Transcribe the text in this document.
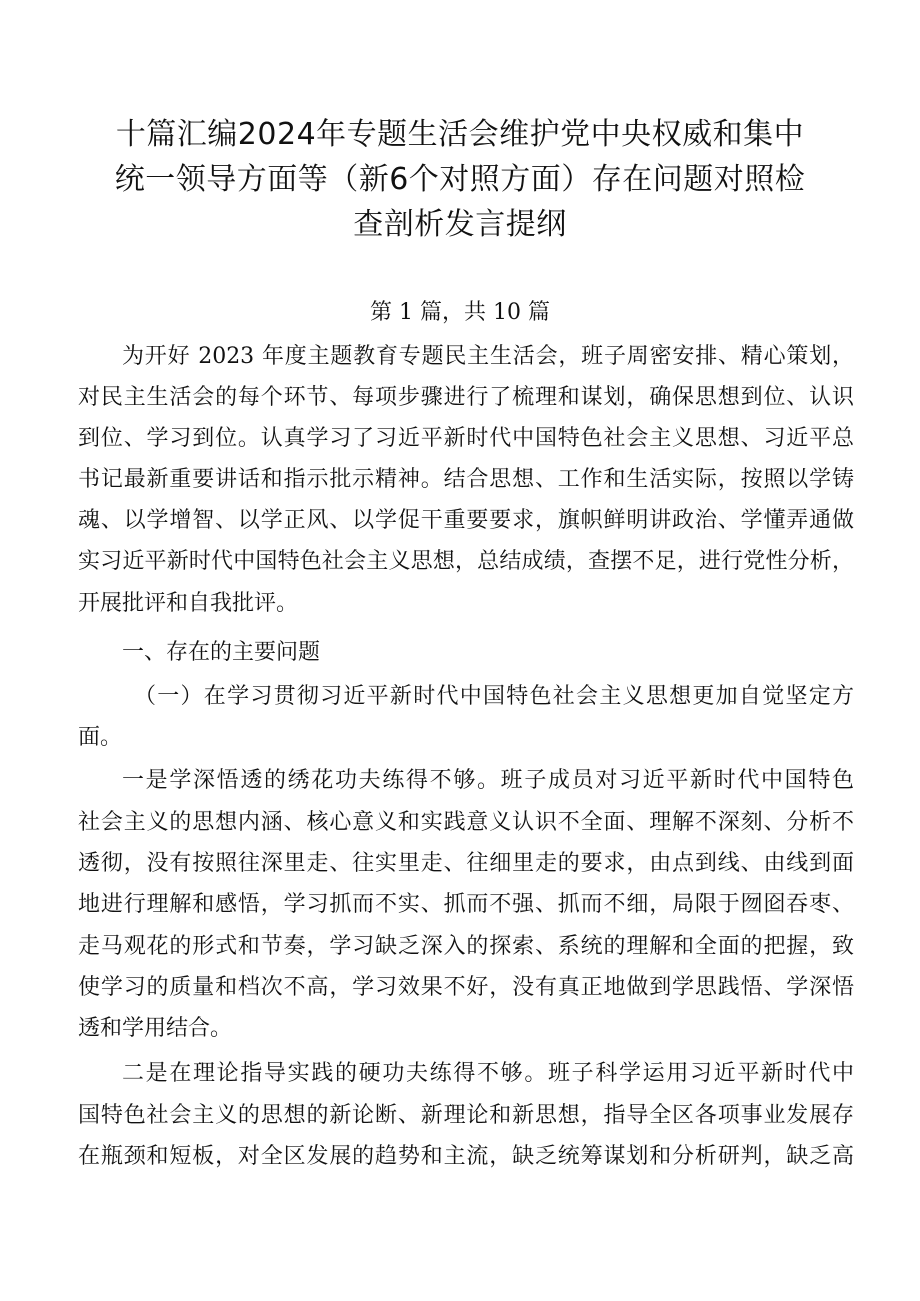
十篇汇编2024年专题生活会维护党中央权威和集中
统一领导方面等（新6个对照方面）存在问题对照检
查剖析发言提纲
第 1 篇，共 10 篇
为开好 2023 年度主题教育专题民主生活会，班子周密安排、精心策划，
对民主生活会的每个环节、每项步骤进行了梳理和谋划，确保思想到位、认识
到位、学习到位。认真学习了习近平新时代中国特色社会主义思想、习近平总
书记最新重要讲话和指示批示精神。结合思想、工作和生活实际，按照以学铸
魂、以学增智、以学正风、以学促干重要要求，旗帜鲜明讲政治、学懂弄通做
实习近平新时代中国特色社会主义思想，总结成绩，查摆不足，进行党性分析，
开展批评和自我批评。
一、存在的主要问题
（一）在学习贯彻习近平新时代中国特色社会主义思想更加自觉坚定方
面。
一是学深悟透的绣花功夫练得不够。班子成员对习近平新时代中国特色
社会主义的思想内涵、核心意义和实践意义认识不全面、理解不深刻、分析不
透彻，没有按照往深里走、往实里走、往细里走的要求，由点到线、由线到面
地进行理解和感悟，学习抓而不实、抓而不强、抓而不细，局限于囫囵吞枣、
走马观花的形式和节奏，学习缺乏深入的探索、系统的理解和全面的把握，致
使学习的质量和档次不高，学习效果不好，没有真正地做到学思践悟、学深悟
透和学用结合。
二是在理论指导实践的硬功夫练得不够。班子科学运用习近平新时代中
国特色社会主义的思想的新论断、新理论和新思想，指导全区各项事业发展存
在瓶颈和短板，对全区发展的趋势和主流，缺乏统筹谋划和分析研判，缺乏高
